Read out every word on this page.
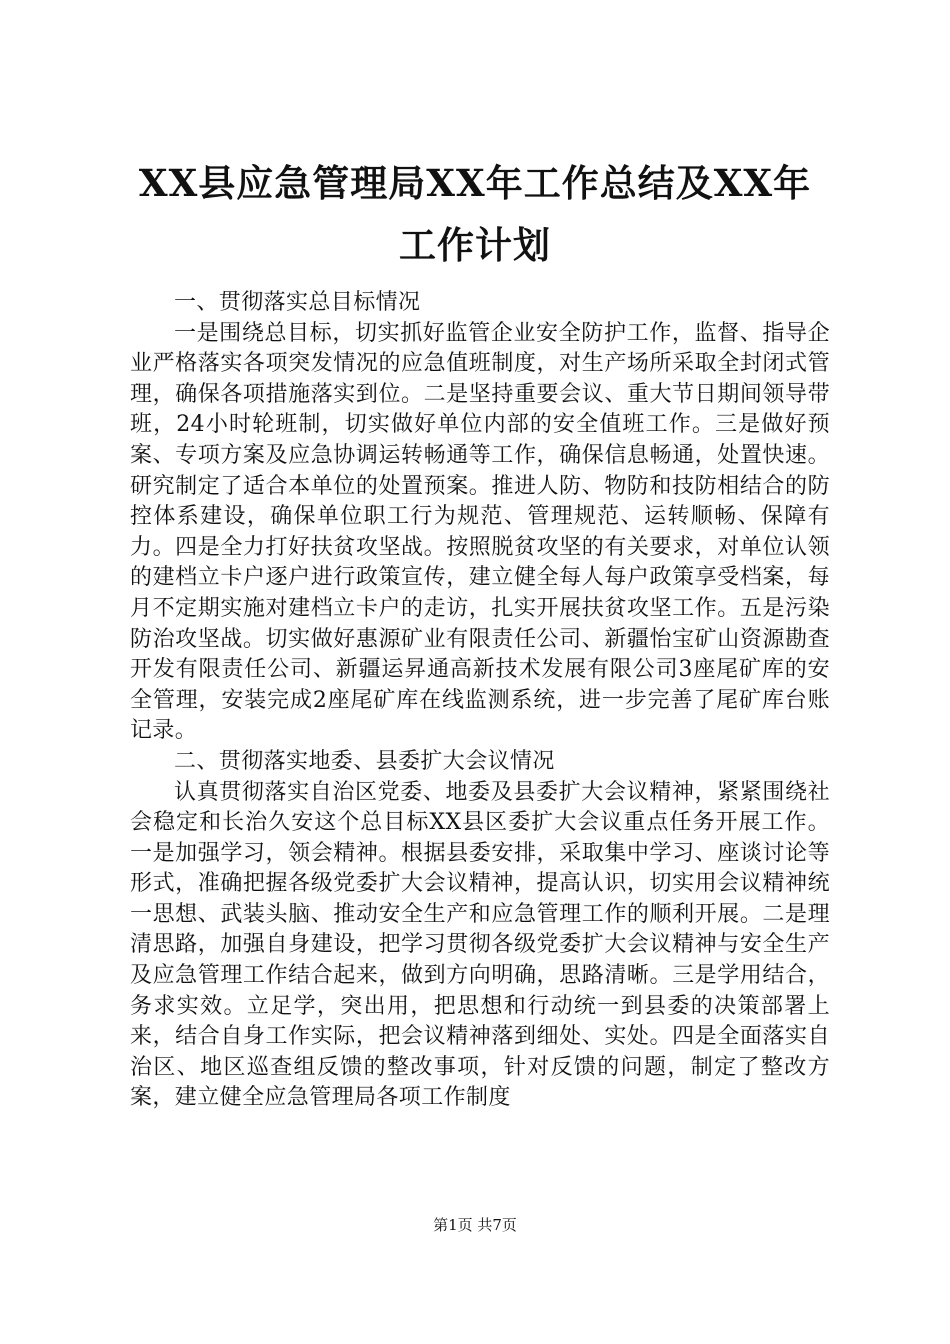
XX县应急管理局XX年工作总结及XX年工作计划

一、贯彻落实总目标情况

一是围绕总目标，切实抓好监管企业安全防护工作，监督、指导企业严格落实各项突发情况的应急值班制度，对生产场所采取全封闭式管理，确保各项措施落实到位。二是坚持重要会议、重大节日期间领导带班，24小时轮班制，切实做好单位内部的安全值班工作。三是做好预案、专项方案及应急协调运转畅通等工作，确保信息畅通，处置快速。研究制定了适合本单位的处置预案。推进人防、物防和技防相结合的防控体系建设，确保单位职工行为规范、管理规范、运转顺畅、保障有力。四是全力打好扶贫攻坚战。按照脱贫攻坚的有关要求，对单位认领的建档立卡户逐户进行政策宣传，建立健全每人每户政策享受档案，每月不定期实施对建档立卡户的走访，扎实开展扶贫攻坚工作。五是污染防治攻坚战。切实做好惠源矿业有限责任公司、新疆怡宝矿山资源勘查开发有限责任公司、新疆运昇通高新技术发展有限公司3座尾矿库的安全管理，安装完成2座尾矿库在线监测系统，进一步完善了尾矿库台账记录。

二、贯彻落实地委、县委扩大会议情况

认真贯彻落实自治区党委、地委及县委扩大会议精神，紧紧围绕社会稳定和长治久安这个总目标XX县区委扩大会议重点任务开展工作。一是加强学习，领会精神。根据县委安排，采取集中学习、座谈讨论等形式，准确把握各级党委扩大会议精神，提高认识，切实用会议精神统一思想、武装头脑、推动安全生产和应急管理工作的顺利开展。二是理清思路，加强自身建设，把学习贯彻各级党委扩大会议精神与安全生产及应急管理工作结合起来，做到方向明确，思路清晰。三是学用结合，务求实效。立足学，突出用，把思想和行动统一到县委的决策部署上来，结合自身工作实际，把会议精神落到细处、实处。四是全面落实自治区、地区巡查组反馈的整改事项，针对反馈的问题，制定了整改方案，建立健全应急管理局各项工作制度

第1页 共7页
